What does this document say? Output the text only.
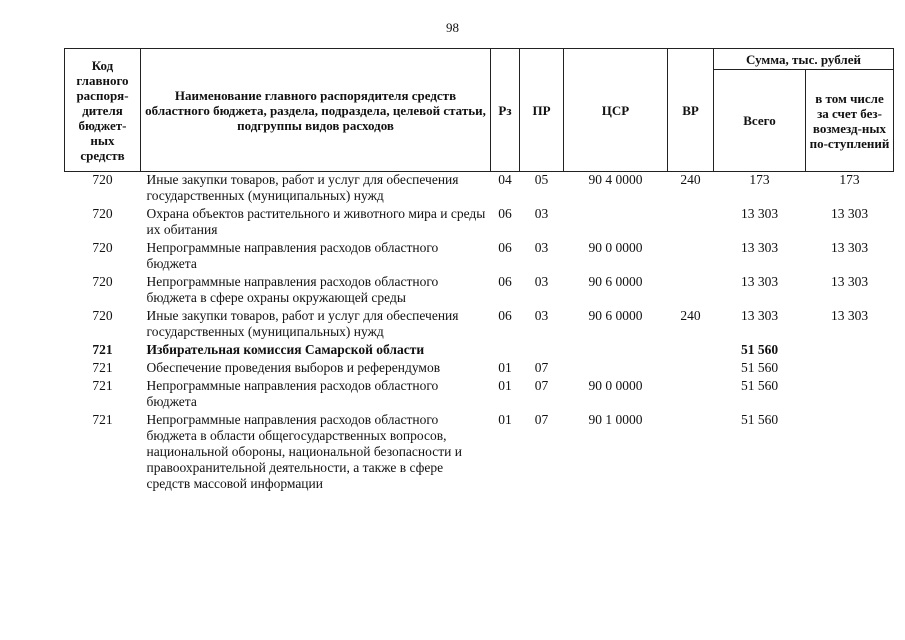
98
Код главного распоря-дителя бюджет-ных средств	Наименование главного распорядителя средств областного бюджета, раздела, подраздела, целевой статьи, подгруппы видов расходов	Рз	ПР	ЦСР	ВР	Сумма, тыс. рублей	
						Всего	в том числе за счет без-возмезд-ных по-ступлений
720	Иные закупки товаров, работ и услуг для обеспечения государственных (муниципальных) нужд	04	05	90 4 0000	240	173	173
720	Охрана объектов растительного и животного мира и среды их обитания	06	03			13 303	13 303
720	Непрограммные направления расходов областного бюджета	06	03	90 0 0000		13 303	13 303
720	Непрограммные направления расходов областного бюджета в сфере охраны окружающей среды	06	03	90 6 0000		13 303	13 303
720	Иные закупки товаров, работ и услуг для обеспечения государственных (муниципальных) нужд	06	03	90 6 0000	240	13 303	13 303
721	Избирательная комиссия Самарской области					51 560	
721	Обеспечение проведения выборов и референдумов	01	07			51 560	
721	Непрограммные направления расходов областного бюджета	01	07	90 0 0000		51 560	
721	Непрограммные направления расходов областного бюджета в области общегосударственных вопросов, национальной обороны, национальной безопасности и правоохранительной деятельности, а также в сфере средств массовой информации	01	07	90 1 0000		51 560	
